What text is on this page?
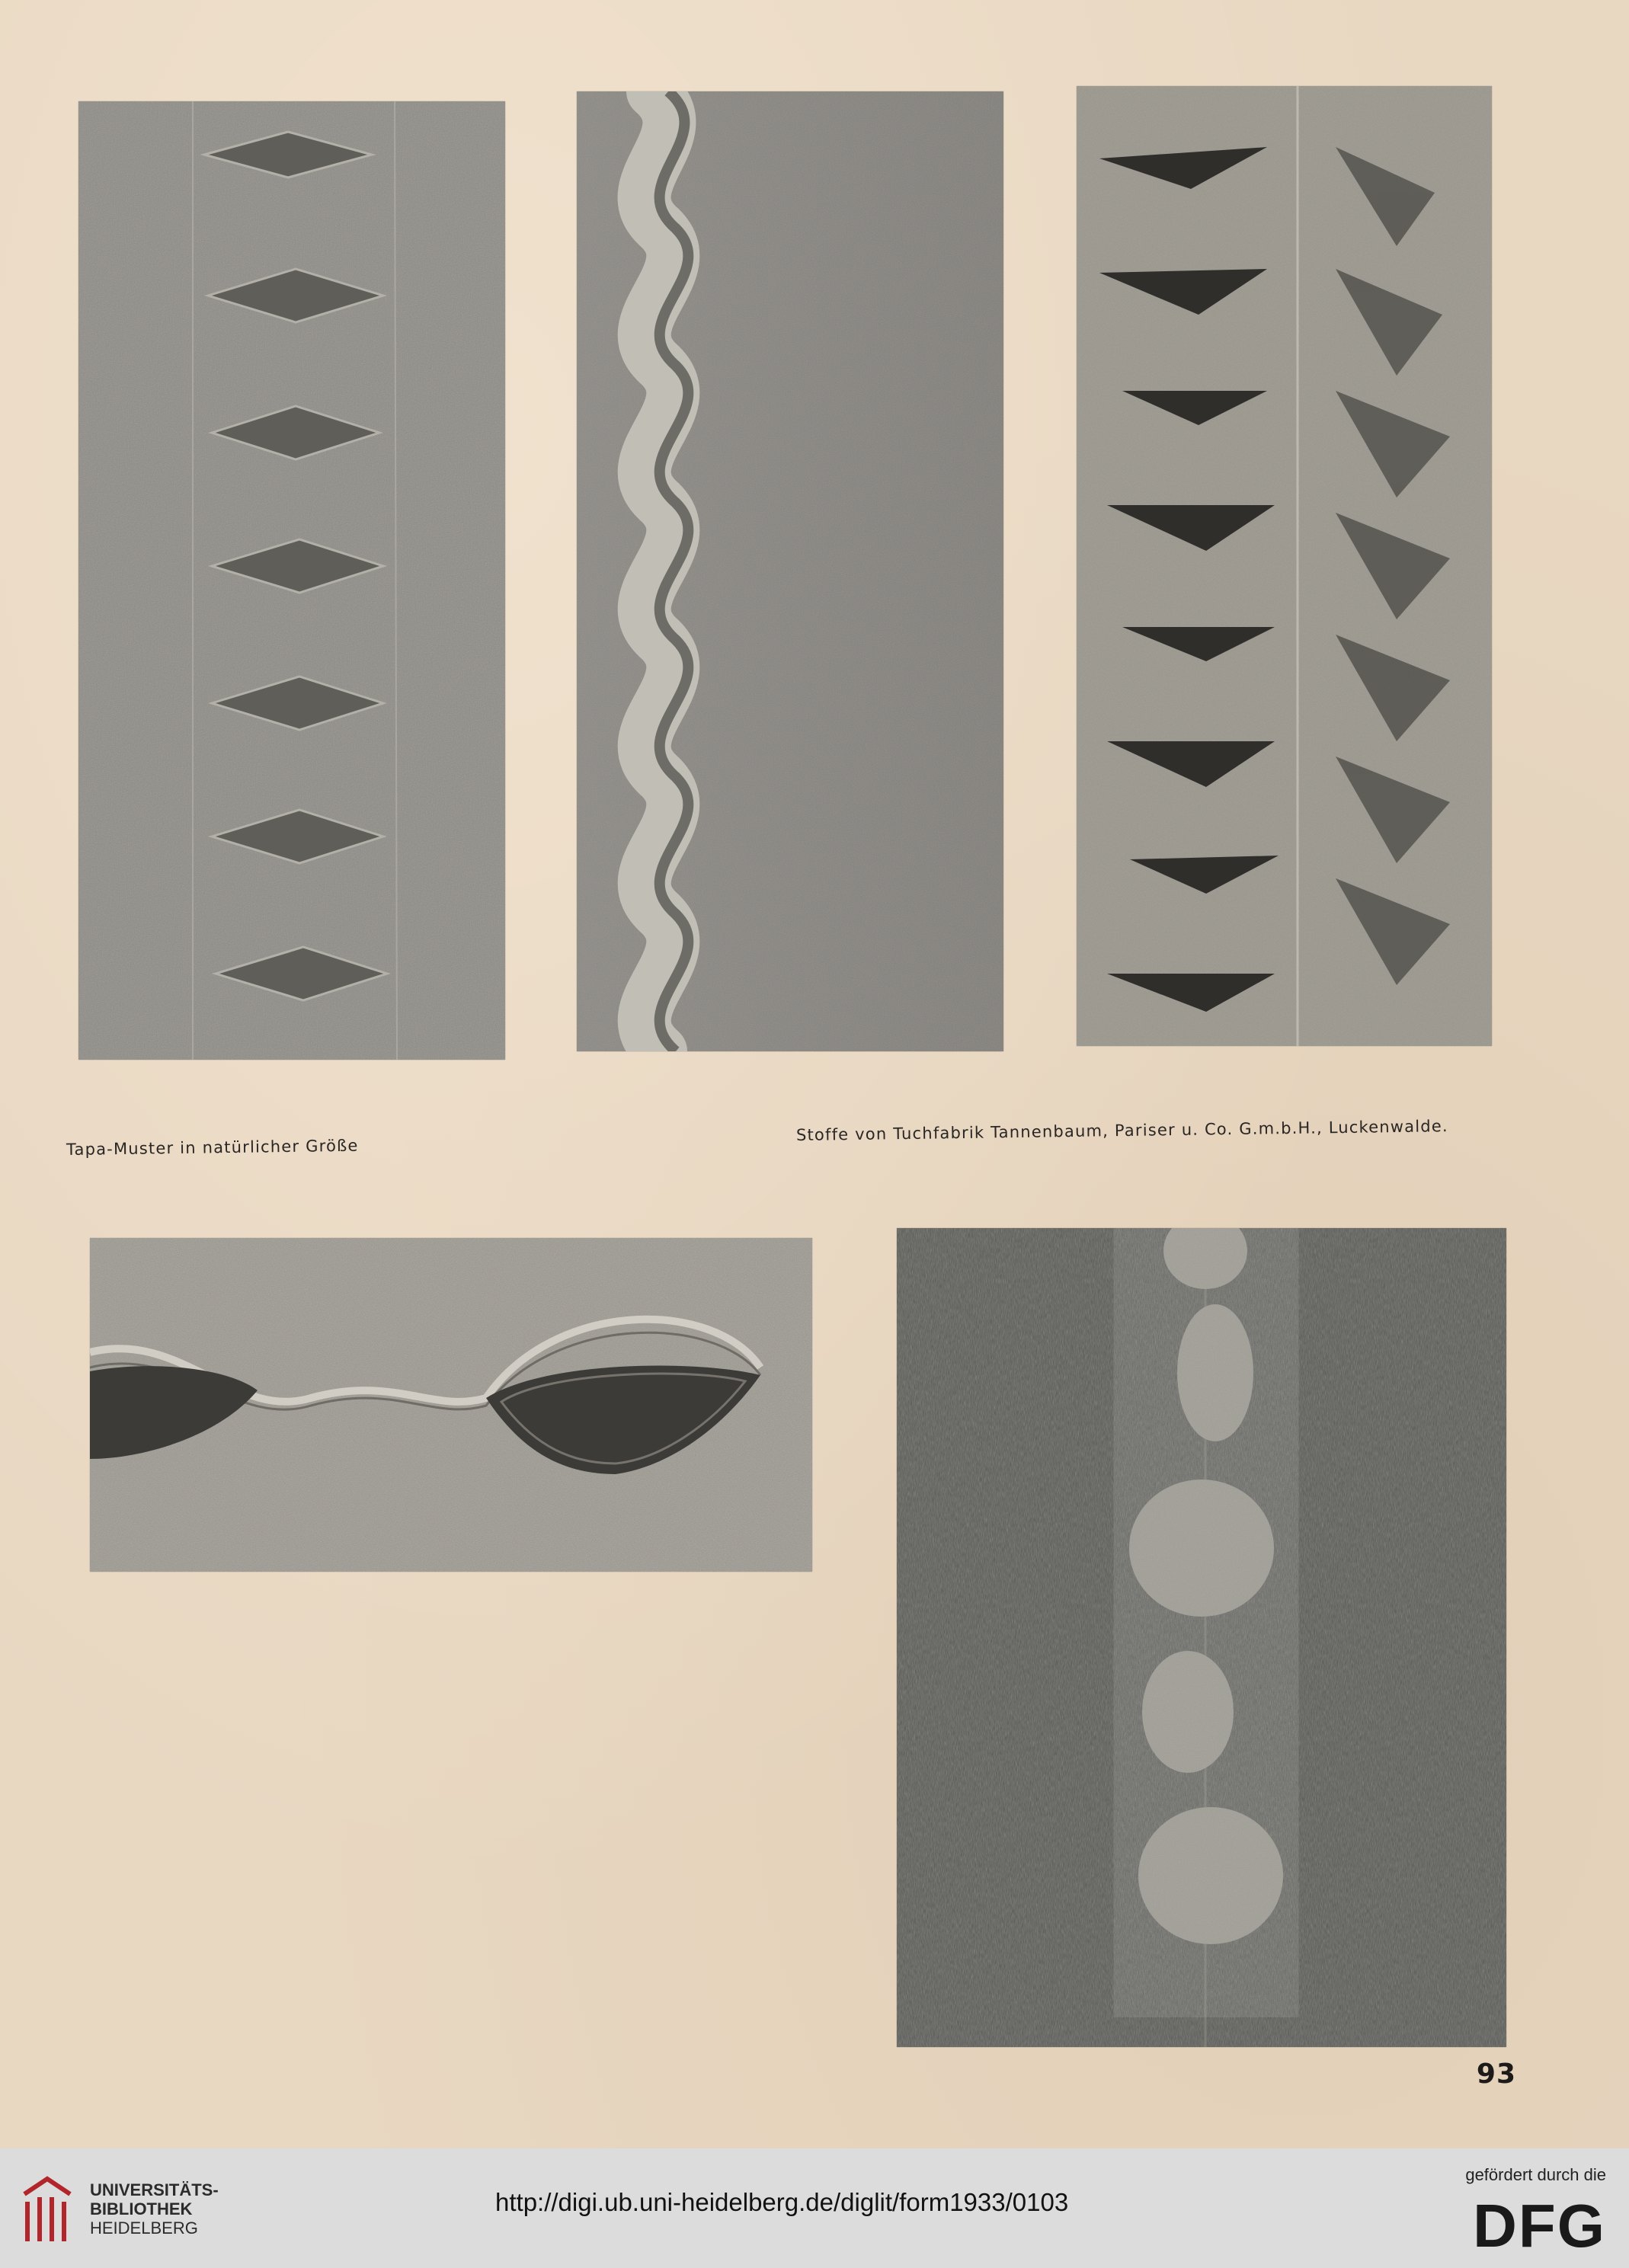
Tapa-Muster in natürlicher Größe
Stoffe von Tuchfabrik Tannenbaum, Pariser u. Co. G.m.b.H., Luckenwalde.
93
UNIVERSITÄTS-
BIBLIOTHEK
HEIDELBERG
http://digi.ub.uni-heidelberg.de/diglit/form1933/0103
gefördert durch die
DFG
